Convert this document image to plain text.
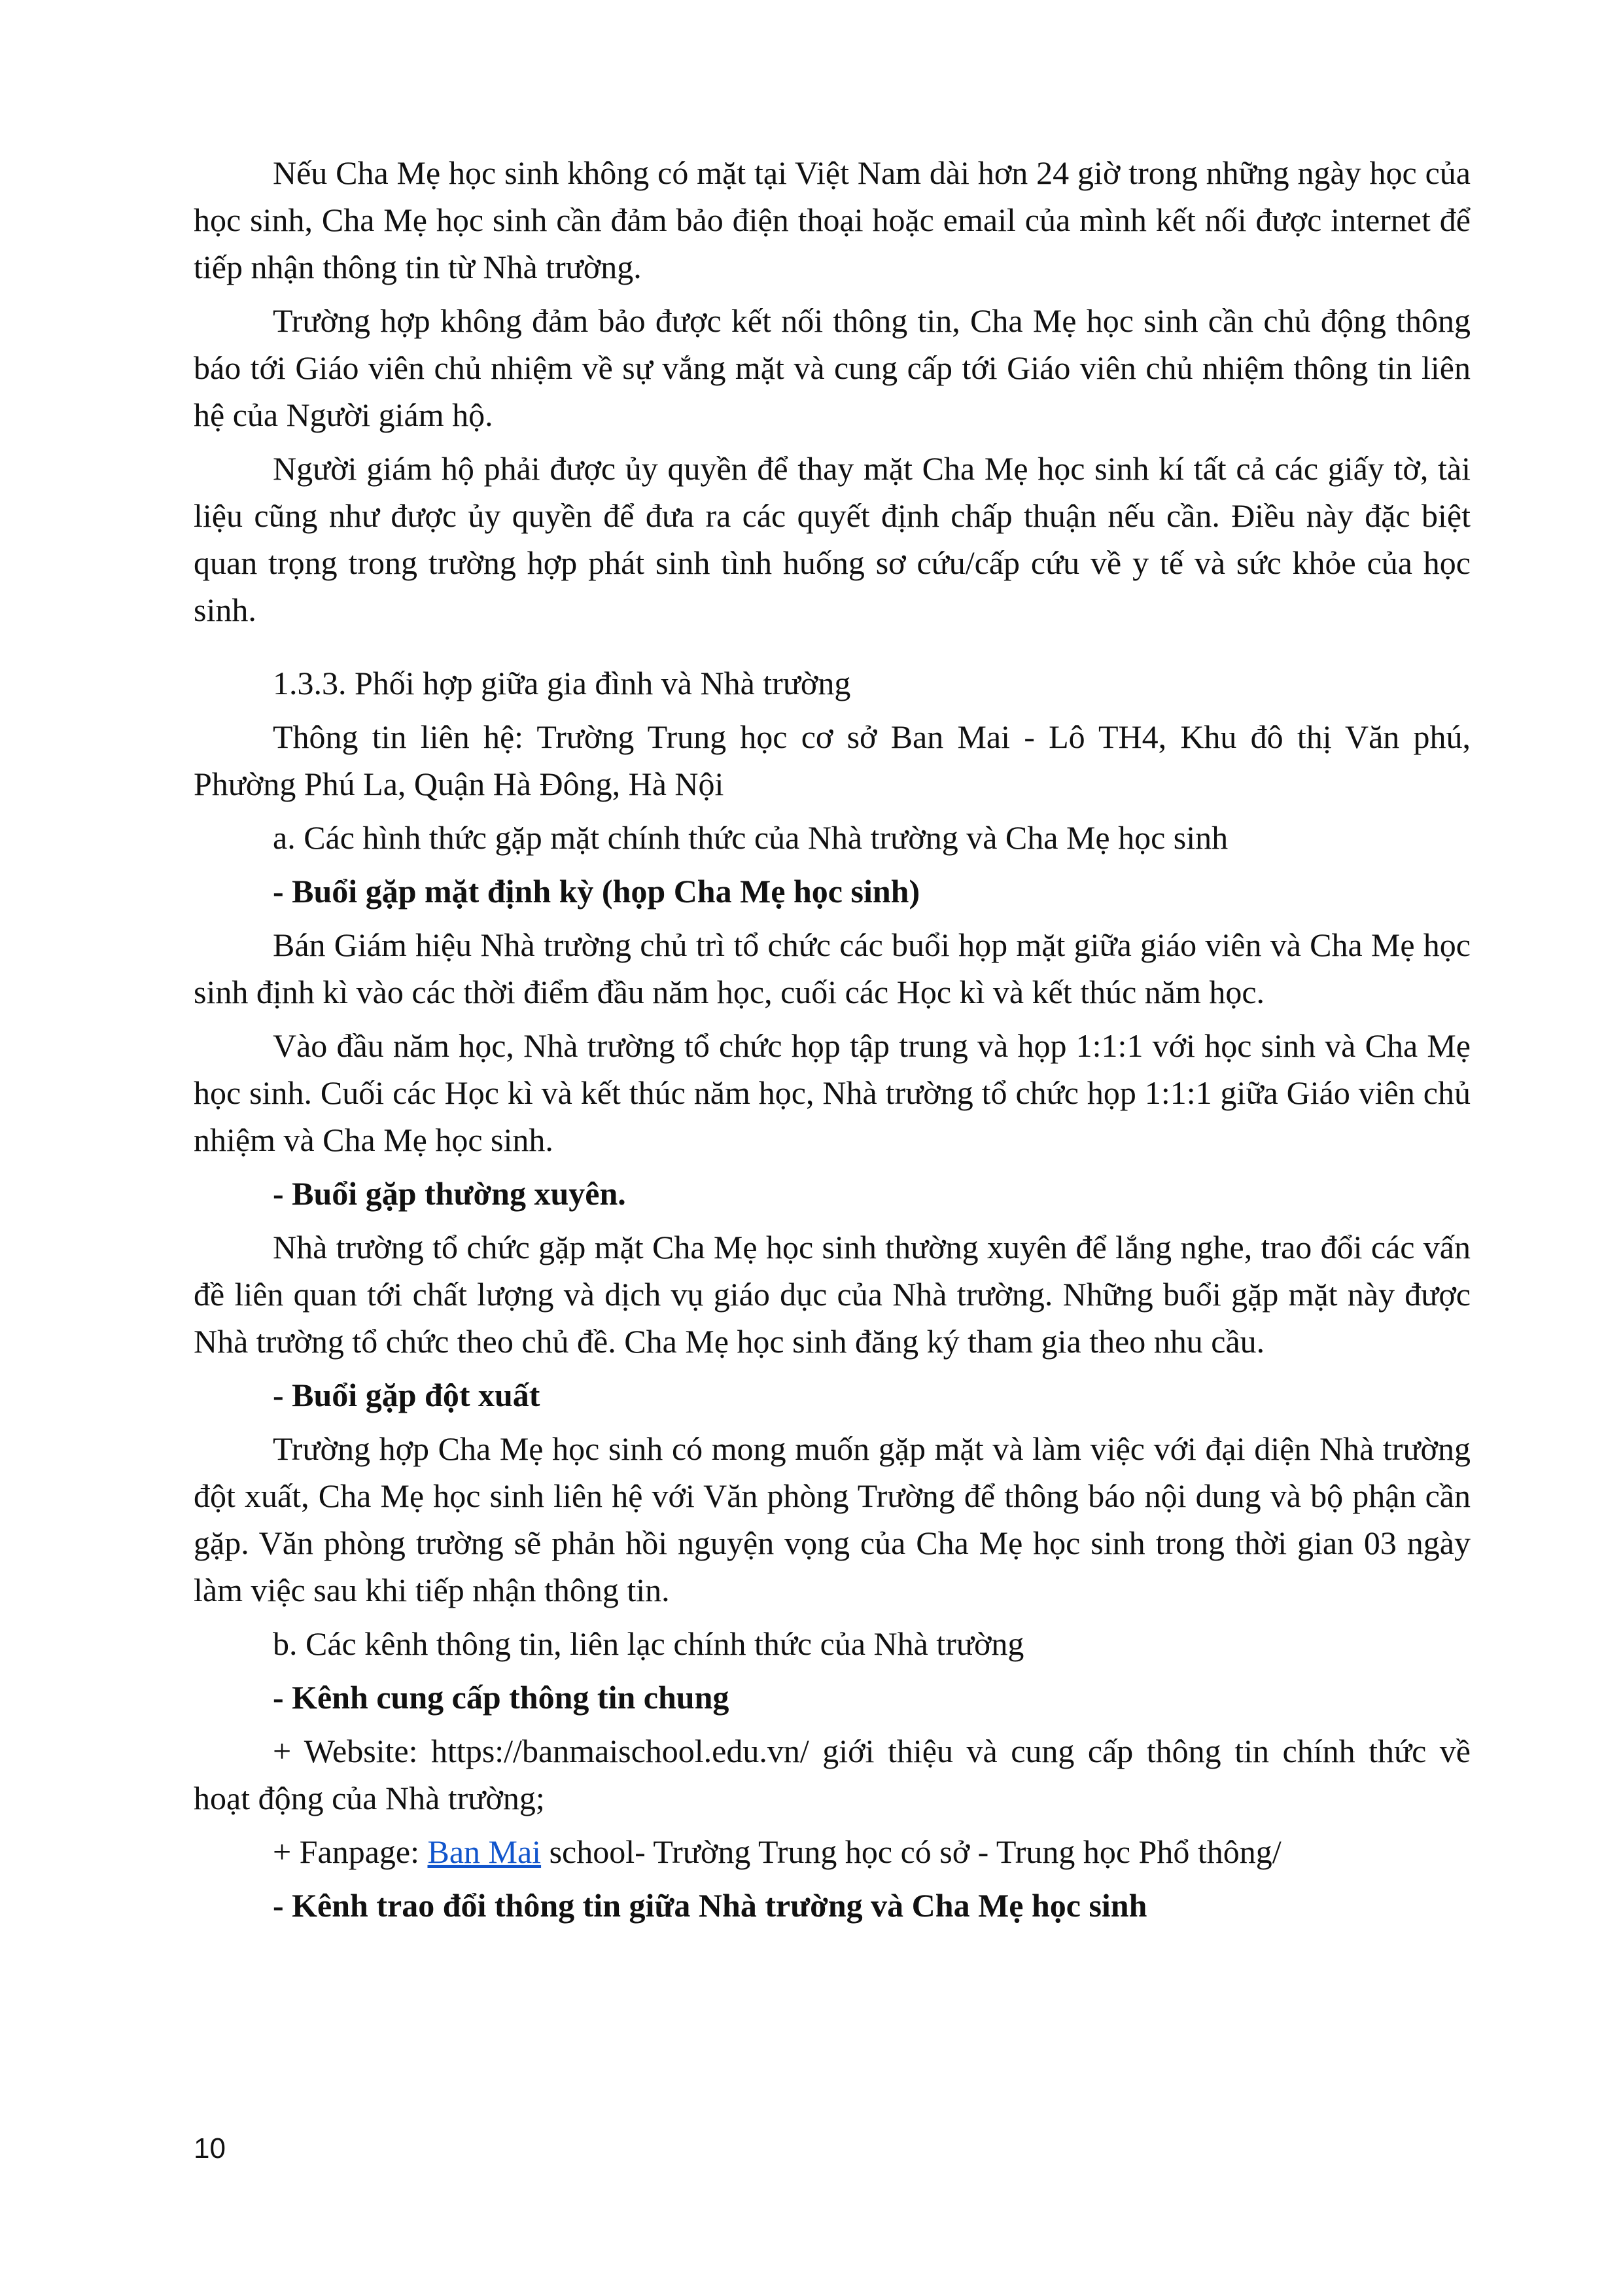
Nếu Cha Mẹ học sinh không có mặt tại Việt Nam dài hơn 24 giờ trong những ngày học của học sinh, Cha Mẹ học sinh cần đảm bảo điện thoại hoặc email của mình kết nối được internet để tiếp nhận thông tin từ Nhà trường.

Trường hợp không đảm bảo được kết nối thông tin, Cha Mẹ học sinh cần chủ động thông báo tới Giáo viên chủ nhiệm về sự vắng mặt và cung cấp tới Giáo viên chủ nhiệm thông tin liên hệ của Người giám hộ.

Người giám hộ phải được ủy quyền để thay mặt Cha Mẹ học sinh kí tất cả các giấy tờ, tài liệu cũng như được ủy quyền để đưa ra các quyết định chấp thuận nếu cần. Điều này đặc biệt quan trọng trong trường hợp phát sinh tình huống sơ cứu/cấp cứu về y tế và sức khỏe của học sinh.

1.3.3. Phối hợp giữa gia đình và Nhà trường

Thông tin liên hệ: Trường Trung học cơ sở Ban Mai - Lô TH4, Khu đô thị Văn phú, Phường Phú La, Quận Hà Đông, Hà Nội

a. Các hình thức gặp mặt chính thức của Nhà trường và Cha Mẹ học sinh

- Buổi gặp mặt định kỳ (họp Cha Mẹ học sinh)

Bán Giám hiệu Nhà trường chủ trì tổ chức các buổi họp mặt giữa giáo viên và Cha Mẹ học sinh định kì vào các thời điểm đầu năm học, cuối các Học kì và kết thúc năm học.

Vào đầu năm học, Nhà trường tổ chức họp tập trung và họp 1:1:1 với học sinh và Cha Mẹ học sinh. Cuối các Học kì và kết thúc năm học, Nhà trường tổ chức họp 1:1:1 giữa Giáo viên chủ nhiệm và Cha Mẹ học sinh.

- Buổi gặp thường xuyên.

Nhà trường tổ chức gặp mặt Cha Mẹ học sinh thường xuyên để lắng nghe, trao đổi các vấn đề liên quan tới chất lượng và dịch vụ giáo dục của Nhà trường. Những buổi gặp mặt này được Nhà trường tổ chức theo chủ đề. Cha Mẹ học sinh đăng ký tham gia theo nhu cầu.

- Buổi gặp đột xuất

Trường hợp Cha Mẹ học sinh có mong muốn gặp mặt và làm việc với đại diện Nhà trường đột xuất, Cha Mẹ học sinh liên hệ với Văn phòng Trường để thông báo nội dung và bộ phận cần gặp. Văn phòng trường sẽ phản hồi nguyện vọng của Cha Mẹ học sinh trong thời gian 03 ngày làm việc sau khi tiếp nhận thông tin.

b. Các kênh thông tin, liên lạc chính thức của Nhà trường

- Kênh cung cấp thông tin chung

+ Website: https://banmaischool.edu.vn/ giới thiệu và cung cấp thông tin chính thức về hoạt động của Nhà trường;

+ Fanpage: Ban Mai school- Trường Trung học có sở - Trung học Phổ thông/

- Kênh trao đổi thông tin giữa Nhà trường và Cha Mẹ học sinh

10
